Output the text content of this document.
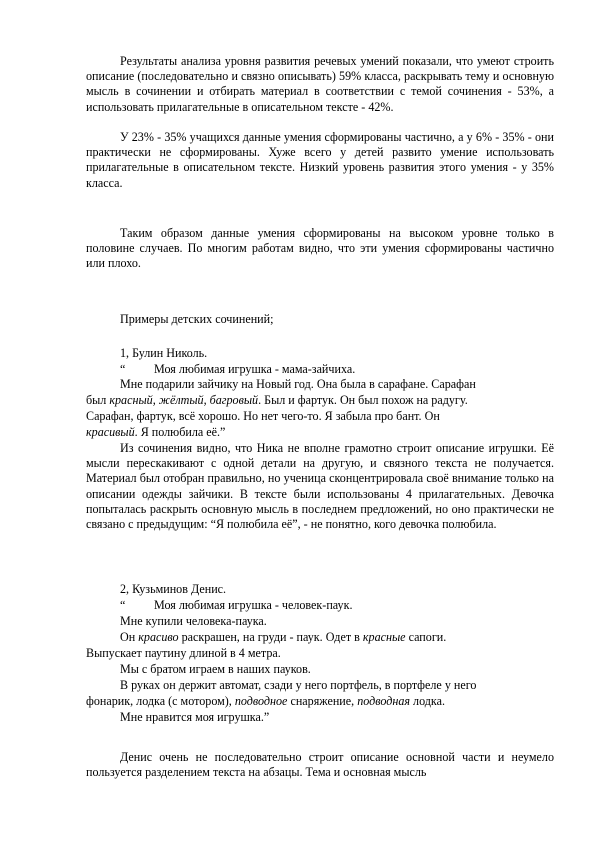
Результаты анализа уровня развития речевых умений показали, что умеют строить описание (последовательно и связно описывать) 59% класса, раскрывать тему и основную мысль в сочинении и отбирать материал в соответствии с темой сочинения - 53%, а использовать прилагательные в описательном тексте - 42%.

У 23% - 35% учащихся данные умения сформированы частично, а у 6% - 35% - они практически не сформированы. Хуже всего у детей развито умение использовать прилагательные в описательном тексте. Низкий уровень развития этого умения - у 35% класса.

Таким образом данные умения сформированы на высоком уровне только в половине случаев. По многим работам видно, что эти умения сформированы частично или плохо.

Примеры детских сочинений;

1, Булин Николь.

“ Моя любимая игрушка - мама-зайчиха.

Мне подарили зайчику на Новый год. Она была в сарафане. Сарафан

был красный, жёлтый, багровый. Был и фартук. Он был похож на радугу.

Сарафан, фартук, всё хорошо. Но нет чего-то. Я забыла про бант. Он

красивый. Я полюбила её.”

Из сочинения видно, что Ника не вполне грамотно строит описание игрушки. Её мысли перескакивают с одной детали на другую, и связного текста не получается. Материал был отобран правильно, но ученица сконцентрировала своё внимание только на описании одежды зайчики. В тексте были использованы 4 прилагательных. Девочка попыталась раскрыть основную мысль в последнем предложений, но оно практически не связано с предыдущим: “Я полюбила её”, - не понятно, кого девочка полюбила.

2, Кузьминов Денис.

“ Моя любимая игрушка - человек-паук.

Мне купили человека-паука.

Он красиво раскрашен, на груди - паук. Одет в красные сапоги.

Выпускает паутину длиной в 4 метра.

Мы с братом играем в наших пауков.

В руках он держит автомат, сзади у него портфель, в портфеле у него

фонарик, лодка (с мотором), подводное снаряжение, подводная лодка.

Мне нравится моя игрушка.”

Денис очень не последовательно строит описание основной части и неумело пользуется разделением текста на абзацы. Тема и основная мысль
